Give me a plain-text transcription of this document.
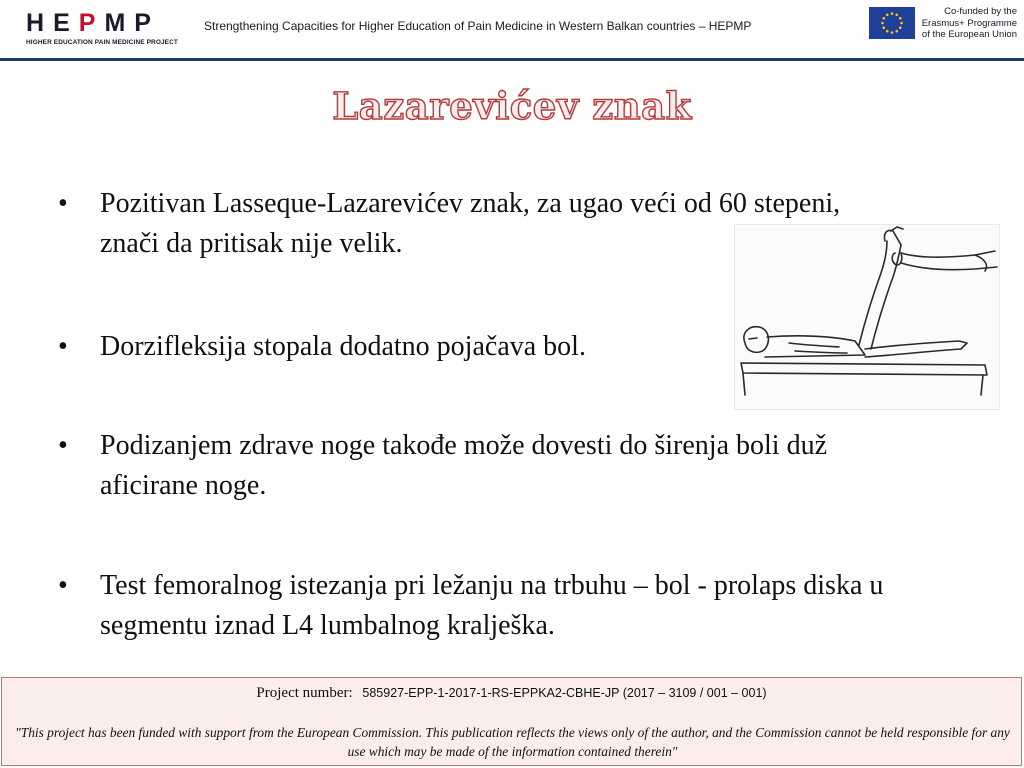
H E P M P
HIGHER EDUCATION PAIN MEDICINE PROJECT
Strengthening Capacities for Higher Education of Pain Medicine in Western Balkan countries – HEPMP
Co-funded by the
Erasmus+ Programme
of the European Union
Lazarevićev znak
• Pozitivan Lasseque-Lazarevićev znak, za ugao veći od 60 stepeni, znači da pritisak nije velik.
• Dorzifleksija stopala dodatno pojačava bol.
• Podizanjem zdrave noge takođe može dovesti do širenja boli duž aficirane noge.
• Test femoralnog istezanja pri ležanju na trbuhu – bol - prolaps diska u segmentu iznad L4 lumbalnog kralješka.
Project number: 585927-EPP-1-2017-1-RS-EPPKA2-CBHE-JP (2017 – 3109 / 001 – 001)
"This project has been funded with support from the European Commission. This publication reflects the views only of the author, and the Commission cannot be held responsible for any use which may be made of the information contained therein"
